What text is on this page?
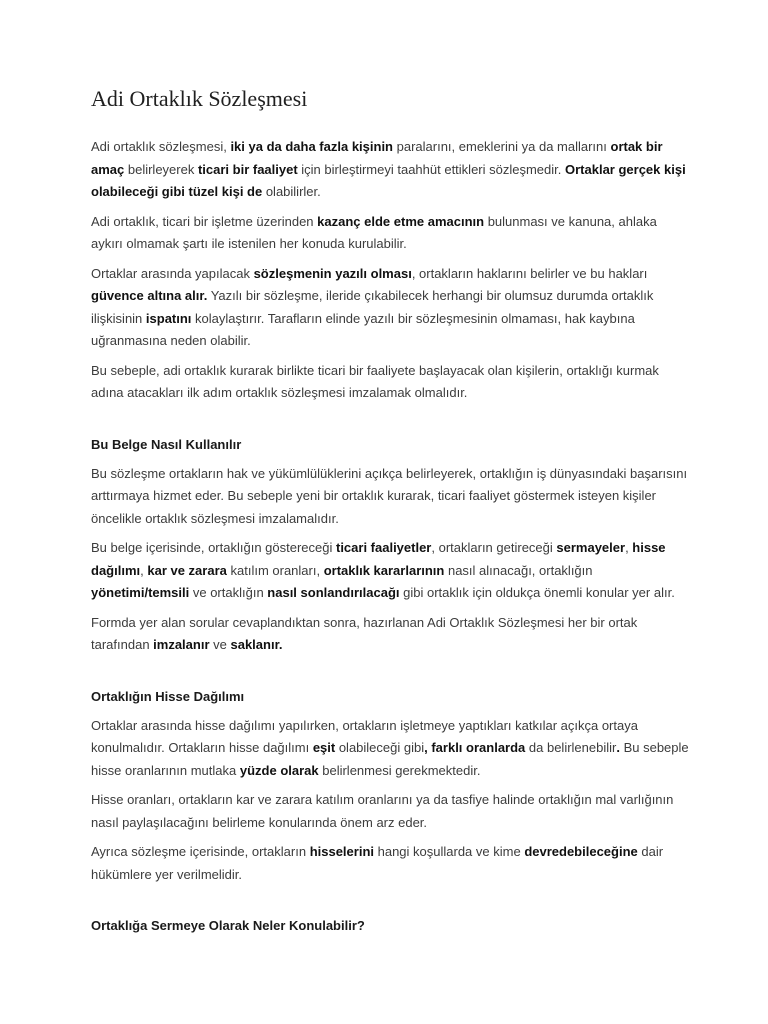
Adi Ortaklık Sözleşmesi

Adi ortaklık sözleşmesi, iki ya da daha fazla kişinin paralarını, emeklerini ya da mallarını ortak bir amaç belirleyerek ticari bir faaliyet için birleştirmeyi taahhüt ettikleri sözleşmedir. Ortaklar gerçek kişi olabileceği gibi tüzel kişi de olabilirler.

Adi ortaklık, ticari bir işletme üzerinden kazanç elde etme amacının bulunması ve kanuna, ahlaka aykırı olmamak şartı ile istenilen her konuda kurulabilir.

Ortaklar arasında yapılacak sözleşmenin yazılı olması, ortakların haklarını belirler ve bu hakları güvence altına alır. Yazılı bir sözleşme, ileride çıkabilecek herhangi bir olumsuz durumda ortaklık ilişkisinin ispatını kolaylaştırır. Tarafların elinde yazılı bir sözleşmesinin olmaması, hak kaybına uğranmasına neden olabilir.

Bu sebeple, adi ortaklık kurarak birlikte ticari bir faaliyete başlayacak olan kişilerin, ortaklığı kurmak adına atacakları ilk adım ortaklık sözleşmesi imzalamak olmalıdır.

Bu Belge Nasıl Kullanılır

Bu sözleşme ortakların hak ve yükümlülüklerini açıkça belirleyerek, ortaklığın iş dünyasındaki başarısını arttırmaya hizmet eder. Bu sebeple yeni bir ortaklık kurarak, ticari faaliyet göstermek isteyen kişiler öncelikle ortaklık sözleşmesi imzalamalıdır.

Bu belge içerisinde, ortaklığın göstereceği ticari faaliyetler, ortakların getireceği sermayeler, hisse dağılımı, kar ve zarara katılım oranları, ortaklık kararlarının nasıl alınacağı, ortaklığın yönetimi/temsili ve ortaklığın nasıl sonlandırılacağı gibi ortaklık için oldukça önemli konular yer alır.

Formda yer alan sorular cevaplandıktan sonra, hazırlanan Adi Ortaklık Sözleşmesi her bir ortak tarafından imzalanır ve saklanır.

Ortaklığın Hisse Dağılımı

Ortaklar arasında hisse dağılımı yapılırken, ortakların işletmeye yaptıkları katkılar açıkça ortaya konulmalıdır. Ortakların hisse dağılımı eşit olabileceği gibi, farklı oranlarda da belirlenebilir. Bu sebeple hisse oranlarının mutlaka yüzde olarak belirlenmesi gerekmektedir.

Hisse oranları, ortakların kar ve zarara katılım oranlarını ya da tasfiye halinde ortaklığın mal varlığının nasıl paylaşılacağını belirleme konularında önem arz eder.

Ayrıca sözleşme içerisinde, ortakların hisselerini hangi koşullarda ve kime devredebileceğine dair hükümlere yer verilmelidir.

Ortaklığa Sermeye Olarak Neler Konulabilir?
